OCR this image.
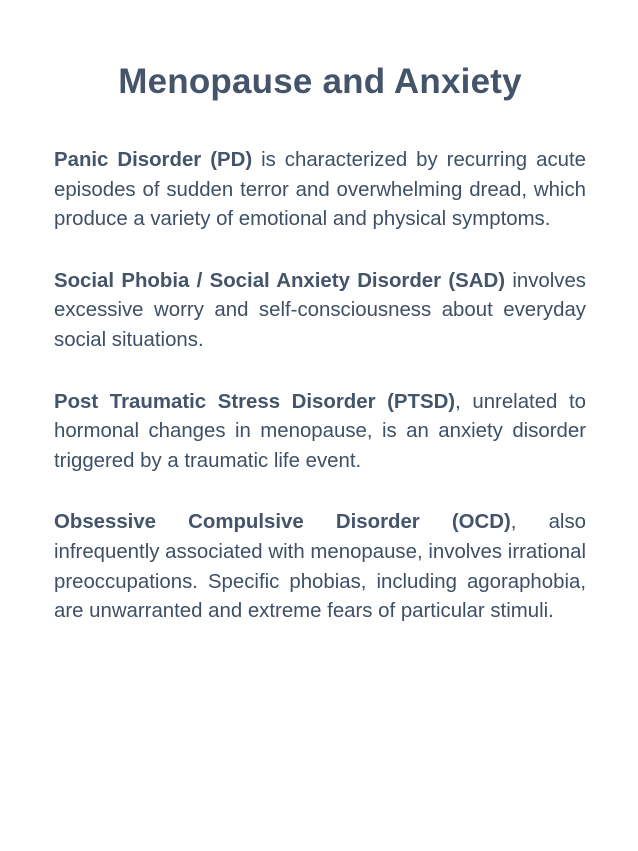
Menopause and Anxiety

Panic Disorder (PD) is characterized by recurring acute episodes of sudden terror and overwhelming dread, which produce a variety of emotional and physical symptoms.

Social Phobia / Social Anxiety Disorder (SAD) involves excessive worry and self-consciousness about everyday social situations.

Post Traumatic Stress Disorder (PTSD), unrelated to hormonal changes in menopause, is an anxiety disorder triggered by a traumatic life event.

Obsessive Compulsive Disorder (OCD), also infrequently associated with menopause, involves irrational preoccupations. Specific phobias, including agoraphobia, are unwarranted and extreme fears of particular stimuli.
